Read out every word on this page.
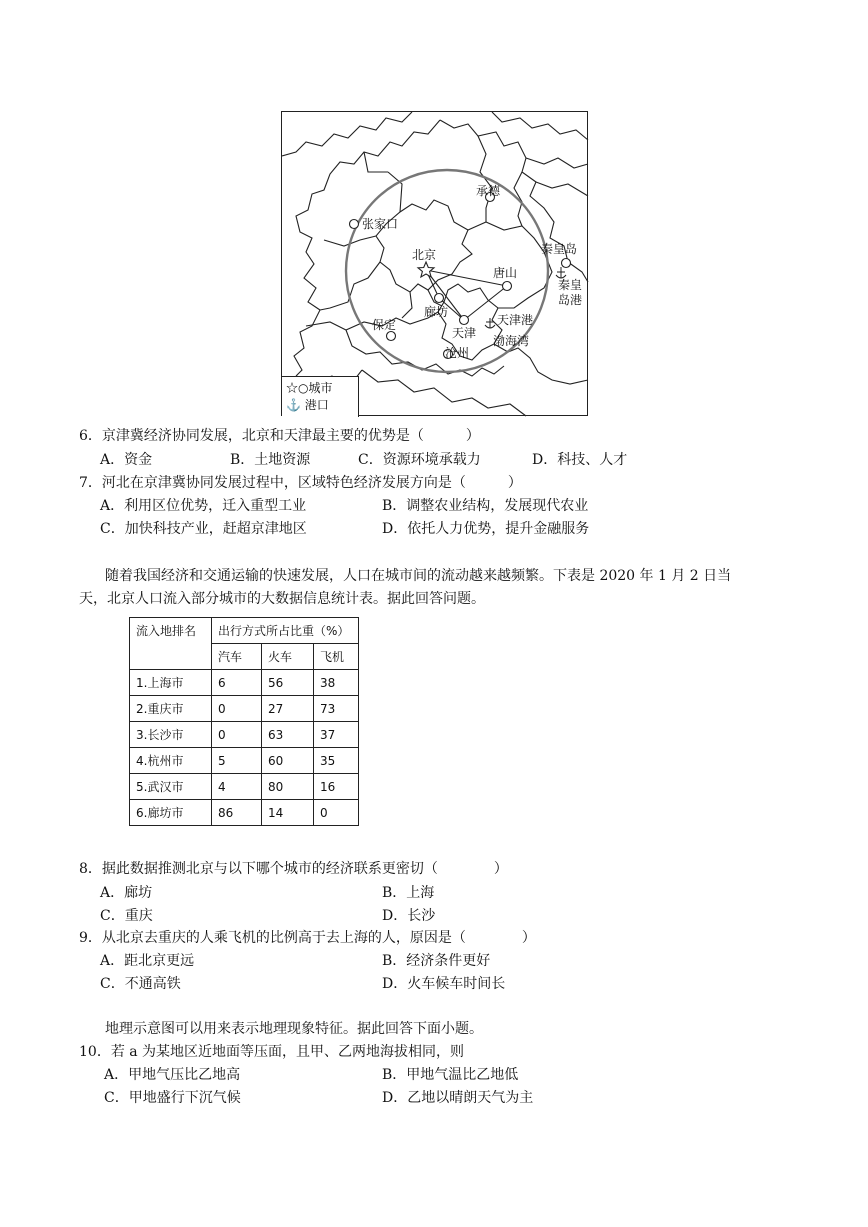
承德
张家口
北京
唐山
秦皇岛
秦皇
岛港
廊坊
保定
天津
天津港
渤海湾
沧州
☆○城市
⚓ 港口
6．京津冀经济协同发展，北京和天津最主要的优势是（　　　）
A．资金	B．土地资源	C．资源环境承载力	D．科技、人才
7．河北在京津冀协同发展过程中，区域特色经济发展方向是（　　　）
A．利用区位优势，迁入重型工业	B．调整农业结构，发展现代农业
C．加快科技产业，赶超京津地区	D．依托人力优势，提升金融服务
随着我国经济和交通运输的快速发展，人口在城市间的流动越来越频繁。下表是 2020 年 1 月 2 日当
天，北京人口流入部分城市的大数据信息统计表。据此回答问题。
流入地排名	出行方式所占比重（%）		
	汽车	火车	飞机
1.上海市	6	56	38
2.重庆市	0	27	73
3.长沙市	0	63	37
4.杭州市	5	60	35
5.武汉市	4	80	16
6.廊坊市	86	14	0
8．据此数据推测北京与以下哪个城市的经济联系更密切（　　　　）
A．廊坊	B．上海
C．重庆	D．长沙
9．从北京去重庆的人乘飞机的比例高于去上海的人，原因是（　　　　）
A．距北京更远	B．经济条件更好
C．不通高铁	D．火车候车时间长
地理示意图可以用来表示地理现象特征。据此回答下面小题。
10．若 a 为某地区近地面等压面，且甲、乙两地海拔相同，则
A．甲地气压比乙地高	B．甲地气温比乙地低
C．甲地盛行下沉气候	D．乙地以晴朗天气为主
